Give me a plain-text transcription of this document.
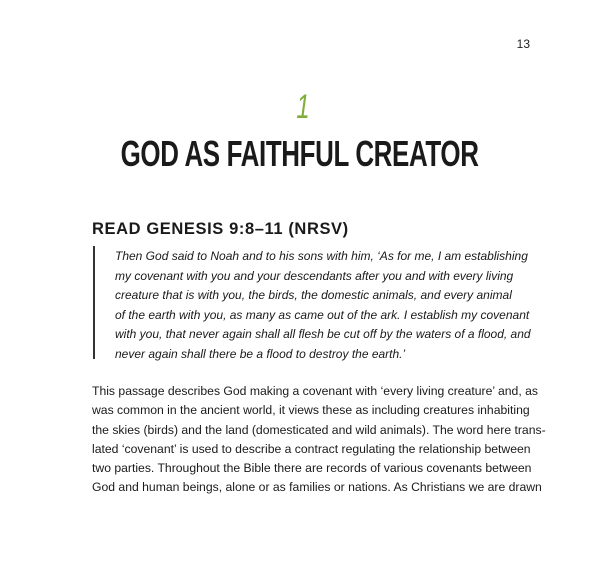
13
1
GOD AS FAITHFUL CREATOR
READ GENESIS 9:8–11 (NRSV)
Then God said to Noah and to his sons with him, ‘As for me, I am establishing
my covenant with you and your descendants after you and with every living
creature that is with you, the birds, the domestic animals, and every animal
of the earth with you, as many as came out of the ark. I establish my covenant
with you, that never again shall all flesh be cut off by the waters of a flood, and
never again shall there be a flood to destroy the earth.’
This passage describes God making a covenant with ‘every living creature’ and, as
was common in the ancient world, it views these as including creatures inhabiting
the skies (birds) and the land (domesticated and wild animals). The word here trans-
lated ‘covenant’ is used to describe a contract regulating the relationship between
two parties. Throughout the Bible there are records of various covenants between
God and human beings, alone or as families or nations. As Christians we are drawn
